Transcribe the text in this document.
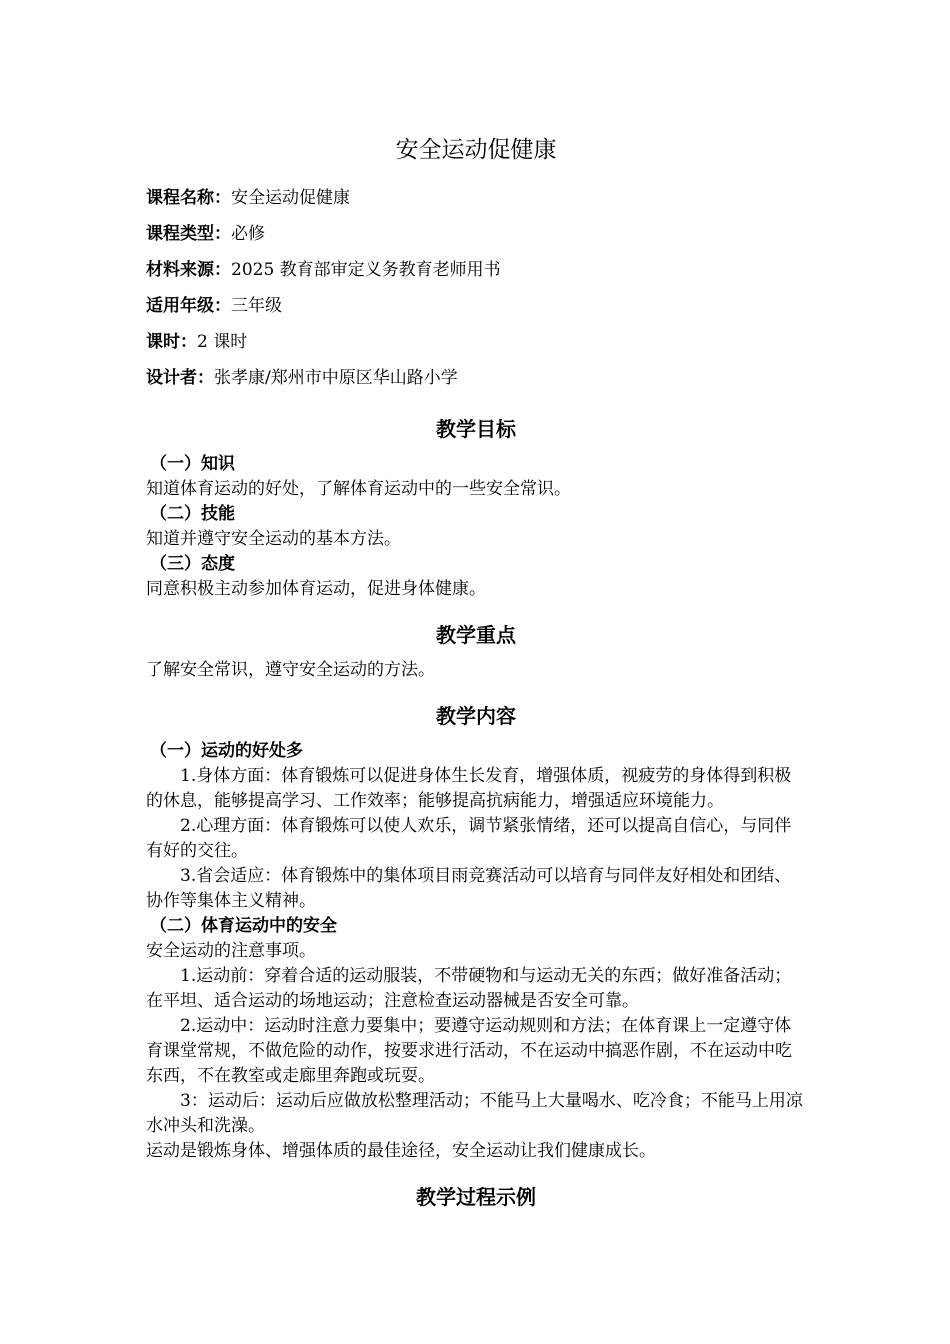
安全运动促健康
课程名称：安全运动促健康
课程类型：必修
材料来源：2025 教育部审定义务教育老师用书
适用年级：三年级
课时：2 课时
设计者：张孝康/郑州市中原区华山路小学
教学目标
（一）知识
知道体育运动的好处，了解体育运动中的一些安全常识。
（二）技能
知道并遵守安全运动的基本方法。
（三）态度
同意积极主动参加体育运动，促进身体健康。
教学重点
了解安全常识，遵守安全运动的方法。
教学内容
（一）运动的好处多
1.身体方面：体育锻炼可以促进身体生长发育，增强体质，视疲劳的身体得到积极的休息，能够提高学习、工作效率；能够提高抗病能力，增强适应环境能力。
2.心理方面：体育锻炼可以使人欢乐，调节紧张情绪，还可以提高自信心，与同伴有好的交往。
3.省会适应：体育锻炼中的集体项目雨竞赛活动可以培育与同伴友好相处和团结、协作等集体主义精神。
（二）体育运动中的安全
安全运动的注意事项。
1.运动前：穿着合适的运动服装，不带硬物和与运动无关的东西；做好准备活动；在平坦、适合运动的场地运动；注意检查运动器械是否安全可靠。
2.运动中：运动时注意力要集中；要遵守运动规则和方法；在体育课上一定遵守体育课堂常规，不做危险的动作，按要求进行活动，不在运动中搞恶作剧，不在运动中吃东西，不在教室或走廊里奔跑或玩耍。
3：运动后：运动后应做放松整理活动；不能马上大量喝水、吃冷食；不能马上用凉水冲头和洗澡。
运动是锻炼身体、增强体质的最佳途径，安全运动让我们健康成长。
教学过程示例
